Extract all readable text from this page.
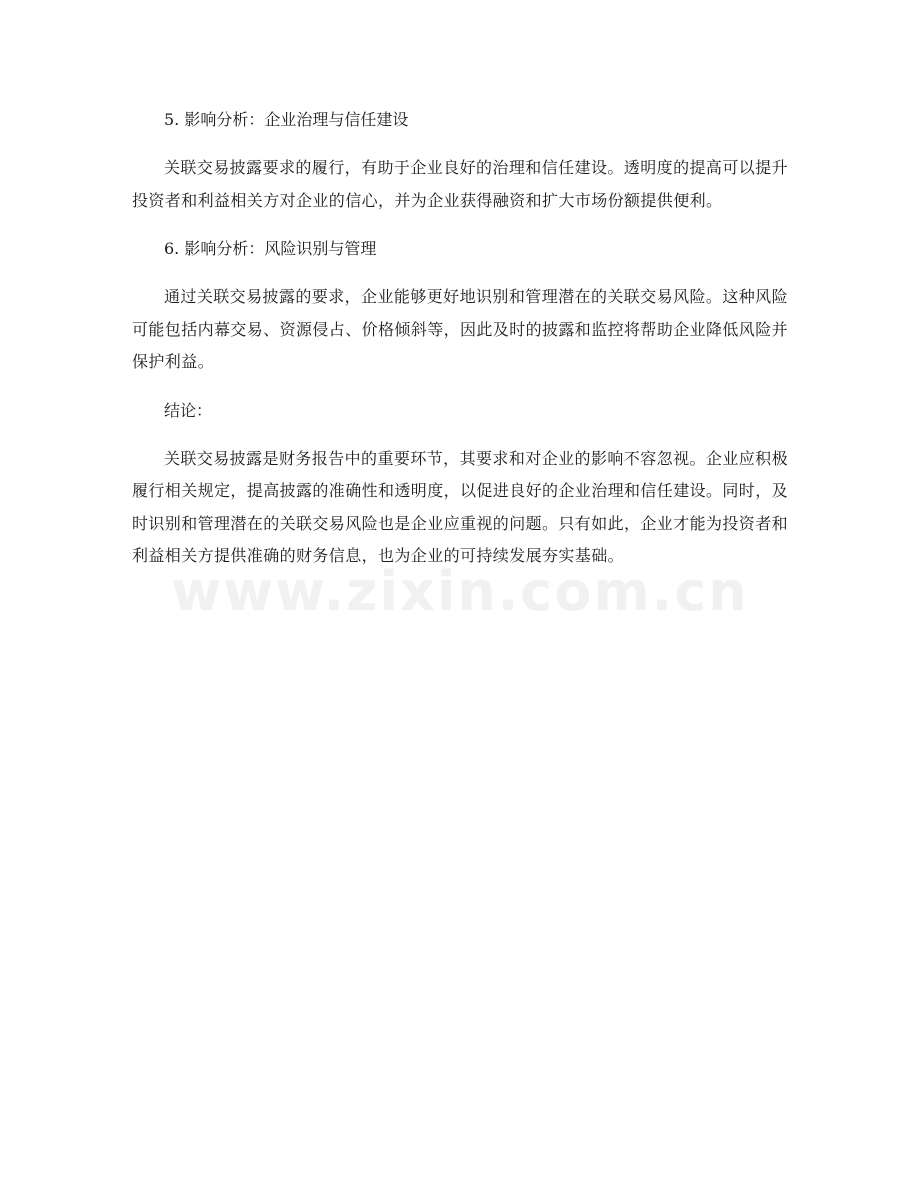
www.zixin.com.cn
5. 影响分析：企业治理与信任建设
关联交易披露要求的履行，有助于企业良好的治理和信任建设。透明度的提高可以提升投资者和利益相关方对企业的信心，并为企业获得融资和扩大市场份额提供便利。
6. 影响分析：风险识别与管理
通过关联交易披露的要求，企业能够更好地识别和管理潜在的关联交易风险。这种风险可能包括内幕交易、资源侵占、价格倾斜等，因此及时的披露和监控将帮助企业降低风险并保护利益。
结论：
关联交易披露是财务报告中的重要环节，其要求和对企业的影响不容忽视。企业应积极履行相关规定，提高披露的准确性和透明度，以促进良好的企业治理和信任建设。同时，及时识别和管理潜在的关联交易风险也是企业应重视的问题。只有如此，企业才能为投资者和利益相关方提供准确的财务信息，也为企业的可持续发展夯实基础。
